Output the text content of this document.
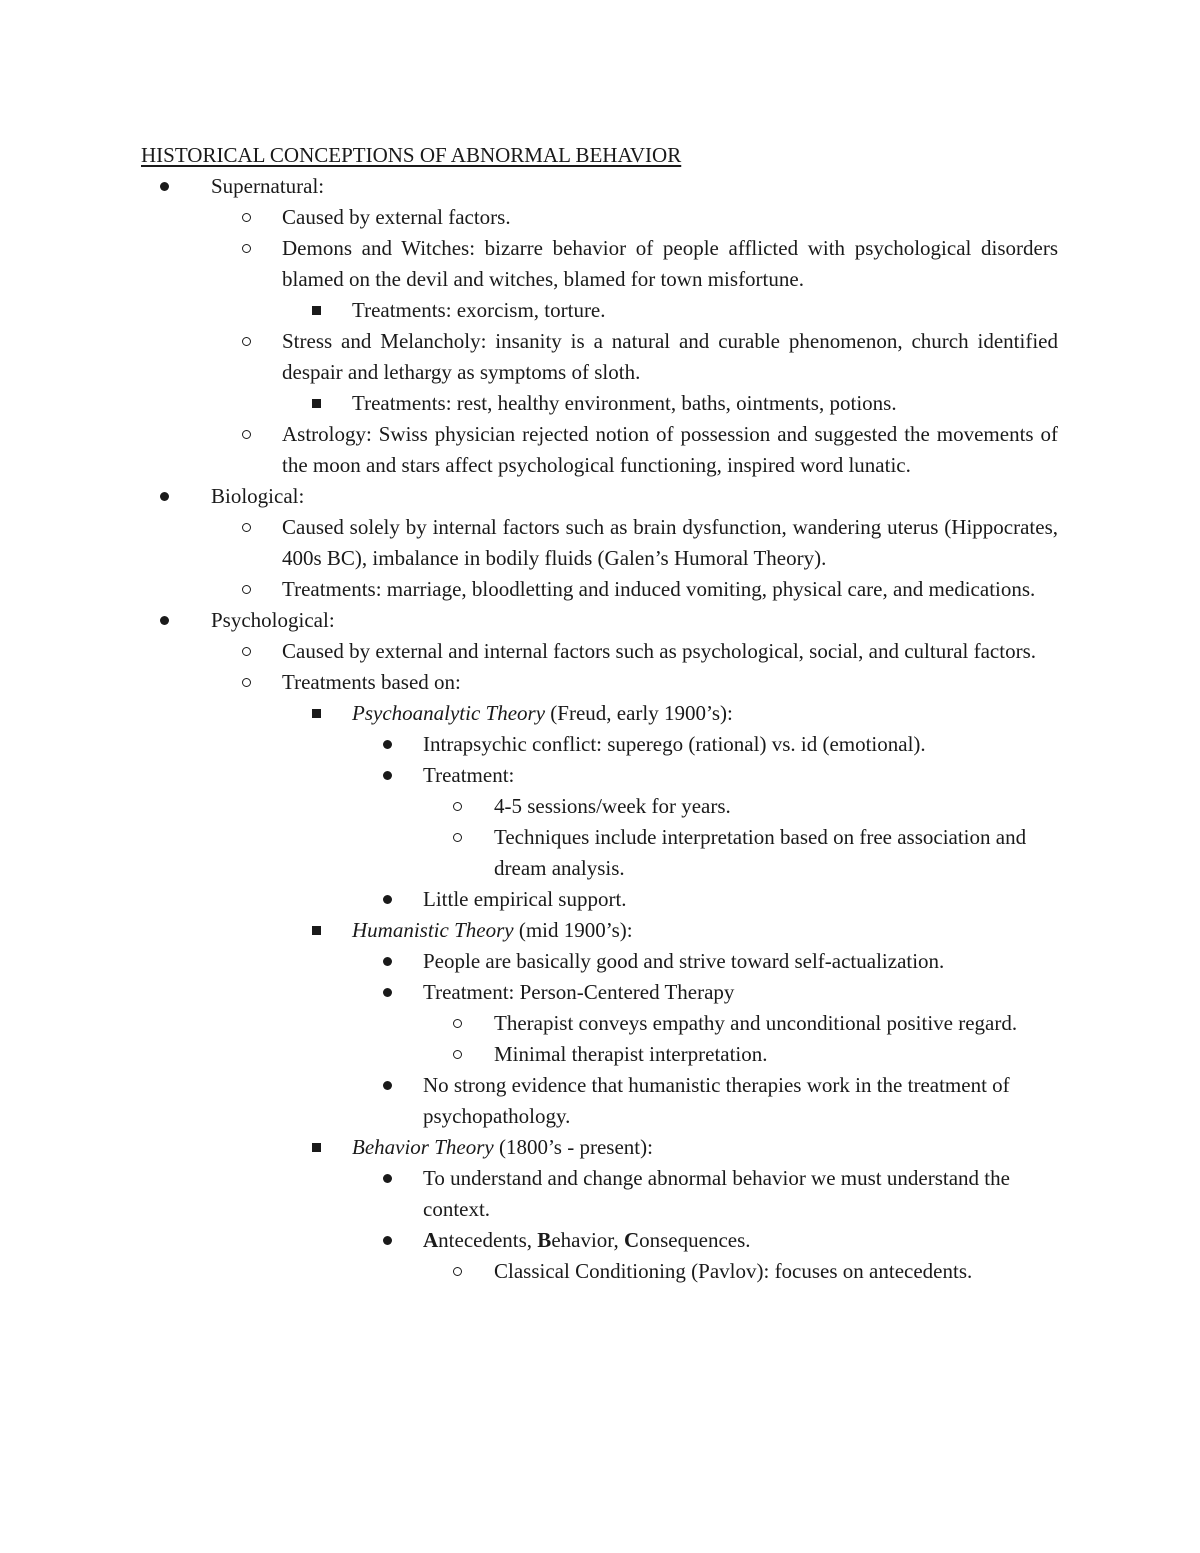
HISTORICAL CONCEPTIONS OF ABNORMAL BEHAVIOR
Supernatural:
Caused by external factors.
Demons and Witches: bizarre behavior of people afflicted with psychological disorders blamed on the devil and witches, blamed for town misfortune.
Treatments: exorcism, torture.
Stress and Melancholy: insanity is a natural and curable phenomenon, church identified despair and lethargy as symptoms of sloth.
Treatments: rest, healthy environment, baths, ointments, potions.
Astrology: Swiss physician rejected notion of possession and suggested the movements of the moon and stars affect psychological functioning, inspired word lunatic.
Biological:
Caused solely by internal factors such as brain dysfunction, wandering uterus (Hippocrates, 400s BC), imbalance in bodily fluids (Galen’s Humoral Theory).
Treatments: marriage, bloodletting and induced vomiting, physical care, and medications.
Psychological:
Caused by external and internal factors such as psychological, social, and cultural factors.
Treatments based on:
Psychoanalytic Theory (Freud, early 1900’s):
Intrapsychic conflict: superego (rational) vs. id (emotional).
Treatment:
4-5 sessions/week for years.
Techniques include interpretation based on free association and dream analysis.
Little empirical support.
Humanistic Theory (mid 1900’s):
People are basically good and strive toward self-actualization.
Treatment: Person-Centered Therapy
Therapist conveys empathy and unconditional positive regard.
Minimal therapist interpretation.
No strong evidence that humanistic therapies work in the treatment of psychopathology.
Behavior Theory (1800’s - present):
To understand and change abnormal behavior we must understand the context.
Antecedents, Behavior, Consequences.
Classical Conditioning (Pavlov): focuses on antecedents.
